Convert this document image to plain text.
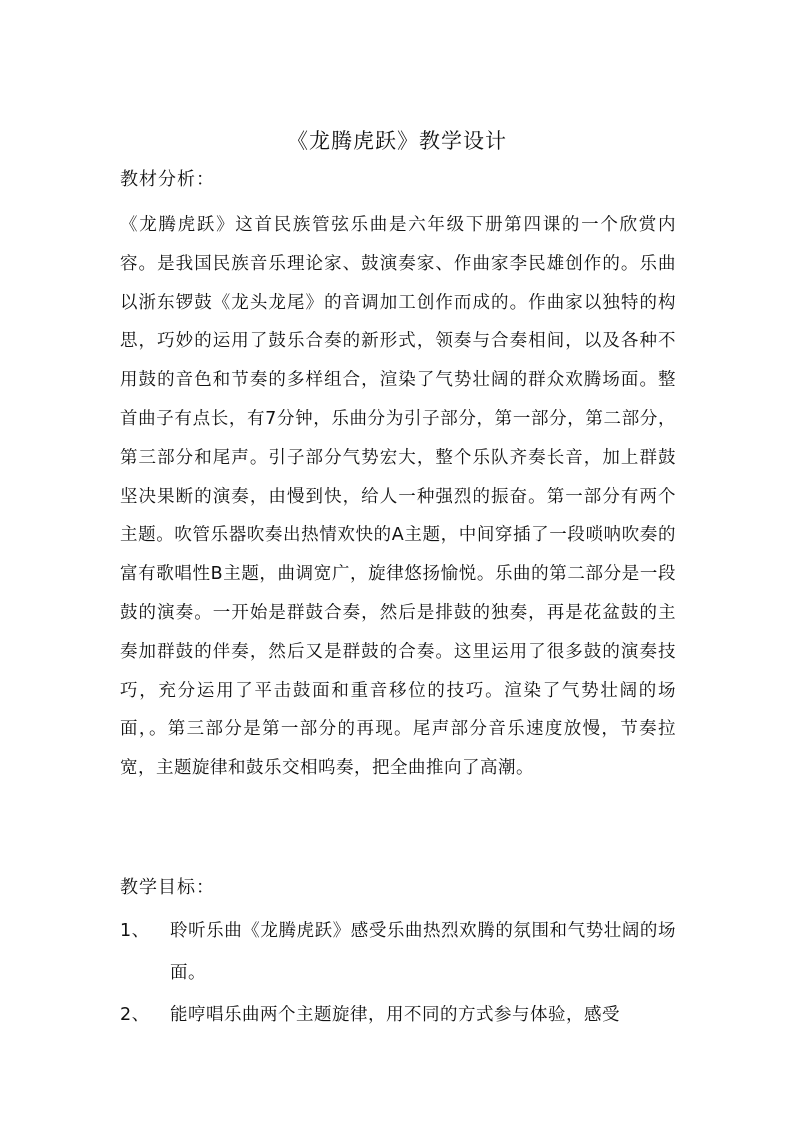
《龙腾虎跃》教学设计
教材分析：

《龙腾虎跃》这首民族管弦乐曲是六年级下册第四课的一个欣赏内容。是我国民族音乐理论家、鼓演奏家、作曲家李民雄创作的。乐曲以浙东锣鼓《龙头龙尾》的音调加工创作而成的。作曲家以独特的构思，巧妙的运用了鼓乐合奏的新形式，领奏与合奏相间，以及各种不用鼓的音色和节奏的多样组合，渲染了气势壮阔的群众欢腾场面。整首曲子有点长，有7分钟，乐曲分为引子部分，第一部分，第二部分，第三部分和尾声。引子部分气势宏大，整个乐队齐奏长音，加上群鼓坚决果断的演奏，由慢到快，给人一种强烈的振奋。第一部分有两个主题。吹管乐器吹奏出热情欢快的A主题，中间穿插了一段唢呐吹奏的富有歌唱性B主题，曲调宽广，旋律悠扬愉悦。乐曲的第二部分是一段鼓的演奏。一开始是群鼓合奏，然后是排鼓的独奏，再是花盆鼓的主奏加群鼓的伴奏，然后又是群鼓的合奏。这里运用了很多鼓的演奏技巧，充分运用了平击鼓面和重音移位的技巧。渲染了气势壮阔的场面，。第三部分是第一部分的再现。尾声部分音乐速度放慢，节奏拉宽，主题旋律和鼓乐交相呜奏，把全曲推向了高潮。

教学目标：
1、	聆听乐曲《龙腾虎跃》感受乐曲热烈欢腾的氛围和气势壮阔的场面。

2、	能哼唱乐曲两个主题旋律，用不同的方式参与体验，感受
